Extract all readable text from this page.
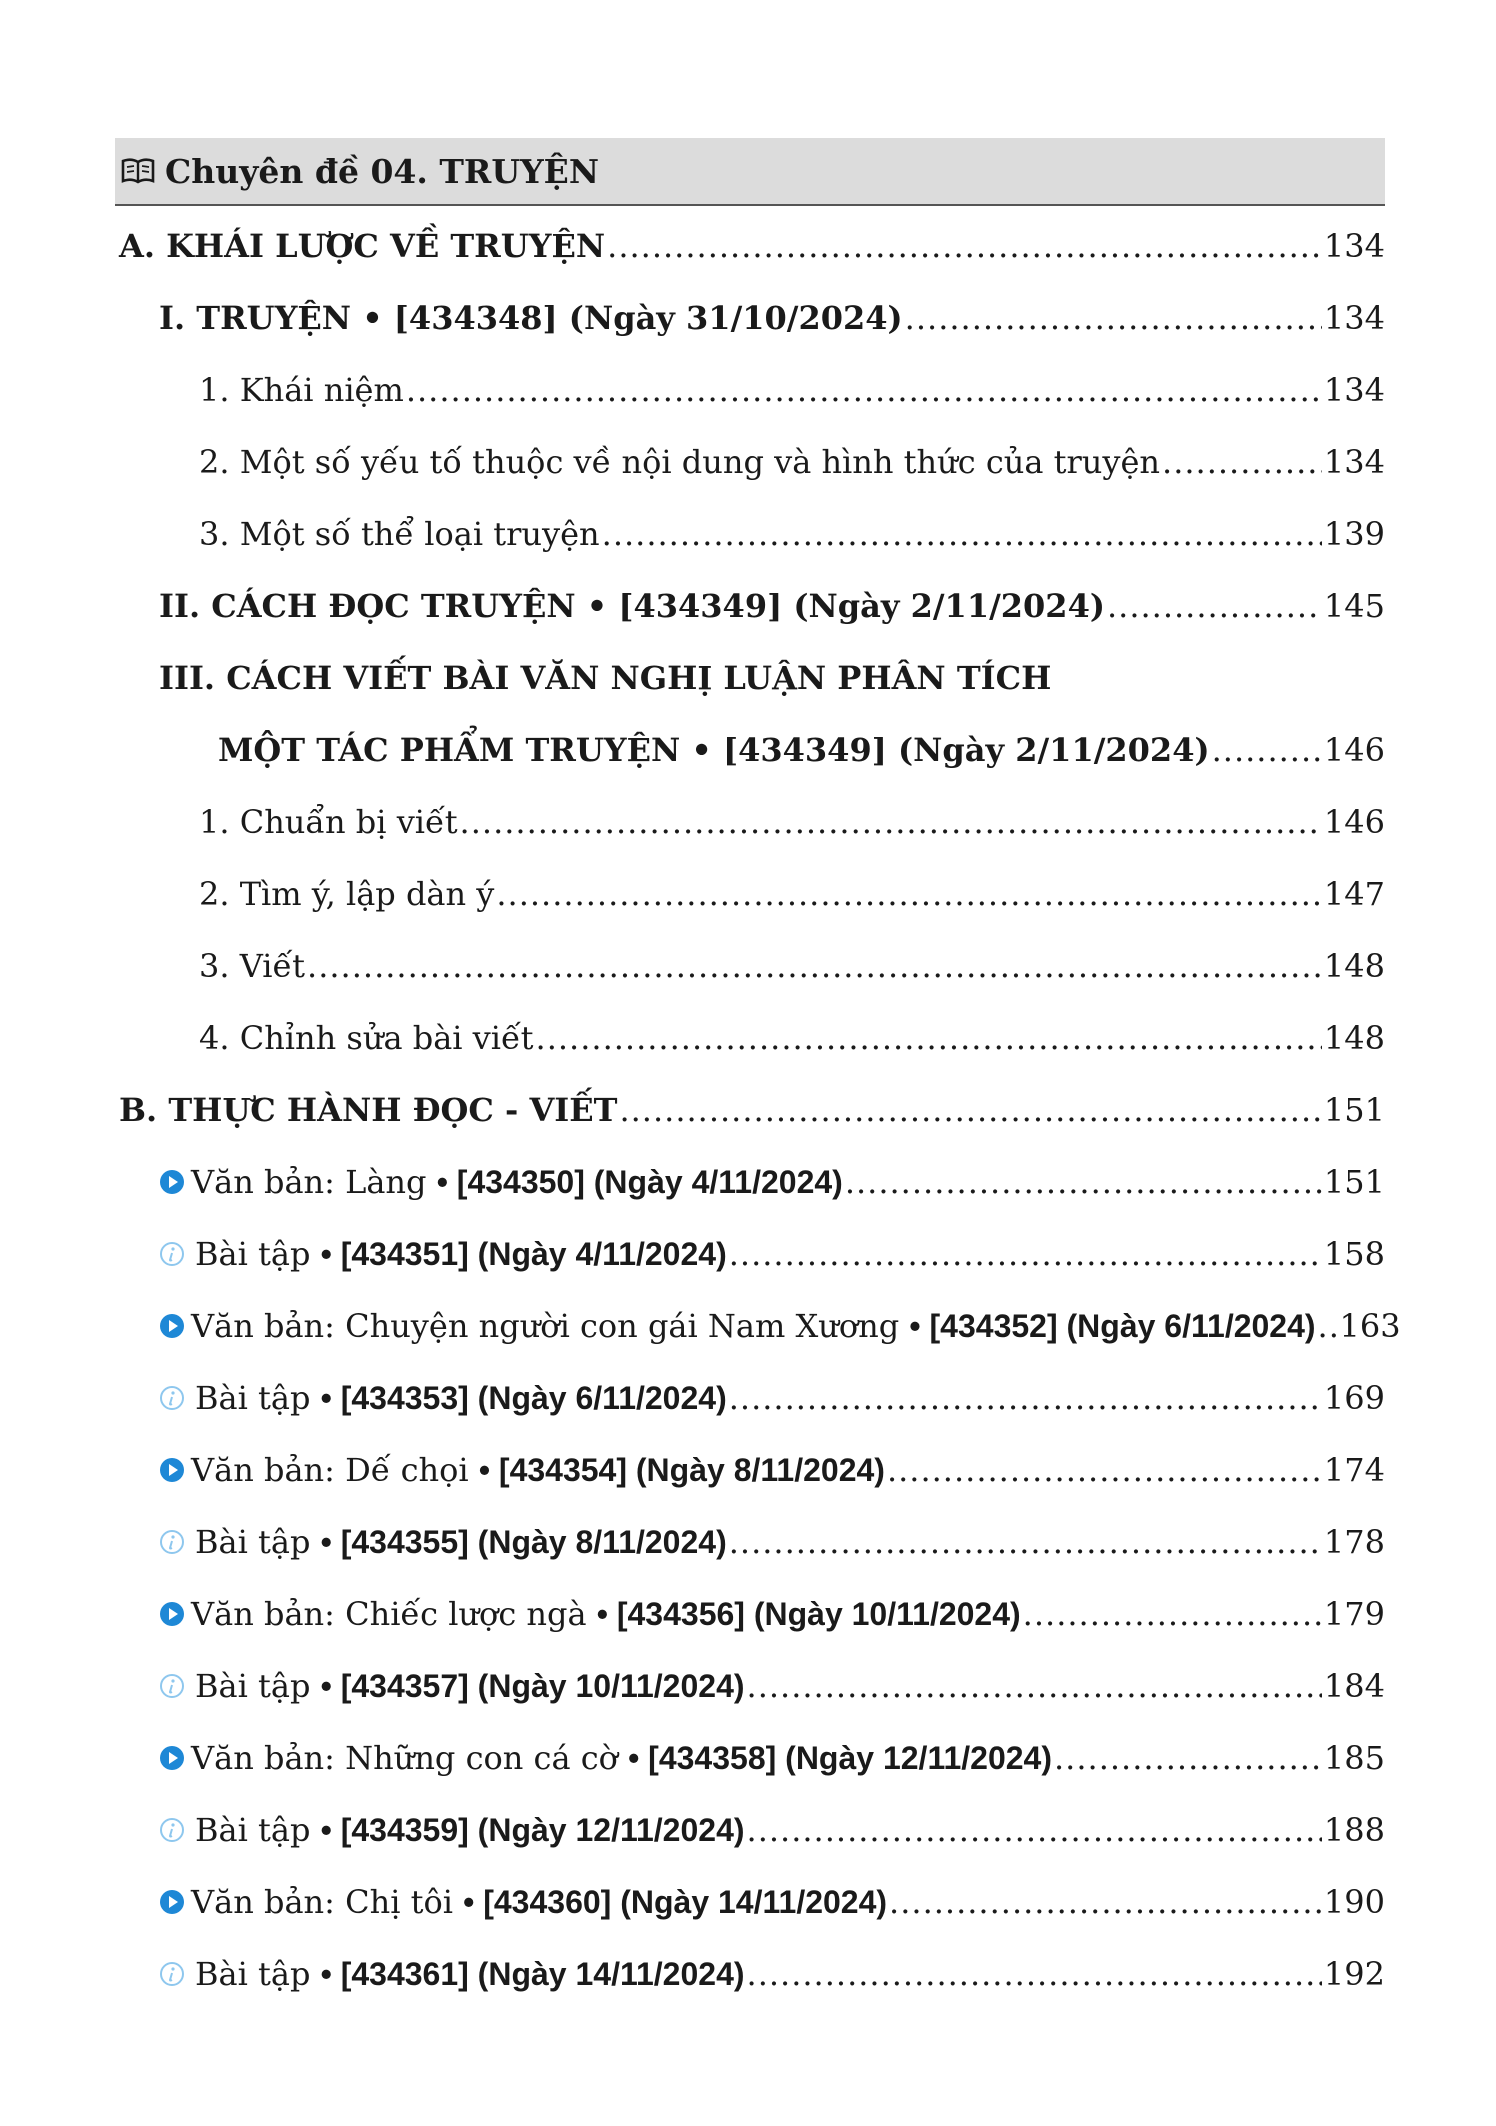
Chuyên đề 04. TRUYỆN
A. KHÁI LƯỢC VỀ TRUYỆN .....	134
I. TRUYỆN • [434348] (Ngày 31/10/2024) .....	134
1. Khái niệm .....	134
2. Một số yếu tố thuộc về nội dung và hình thức của truyện .....	134
3. Một số thể loại truyện .....	139
II. CÁCH ĐỌC TRUYỆN • [434349] (Ngày 2/11/2024) .....	145
III. CÁCH VIẾT BÀI VĂN NGHỊ LUẬN PHÂN TÍCH
MỘT TÁC PHẨM TRUYỆN • [434349] (Ngày 2/11/2024) .....	146
1. Chuẩn bị viết .....	146
2. Tìm ý, lập dàn ý .....	147
3. Viết .....	148
4. Chỉnh sửa bài viết .....	148
B. THỰC HÀNH ĐỌC - VIẾT .....	151
Văn bản: Làng • [434350] (Ngày 4/11/2024) .....	151
Bài tập • [434351] (Ngày 4/11/2024) .....	158
Văn bản: Chuyện người con gái Nam Xương • [434352] (Ngày 6/11/2024) ..... 163
Bài tập • [434353] (Ngày 6/11/2024) .....	169
Văn bản: Dế chọi • [434354] (Ngày 8/11/2024) .....	174
Bài tập • [434355] (Ngày 8/11/2024) .....	178
Văn bản: Chiếc lược ngà • [434356] (Ngày 10/11/2024) .....	179
Bài tập • [434357] (Ngày 10/11/2024) .....	184
Văn bản: Những con cá cờ • [434358] (Ngày 12/11/2024) .....	185
Bài tập • [434359] (Ngày 12/11/2024) .....	188
Văn bản: Chị tôi • [434360] (Ngày 14/11/2024) .....	190
Bài tập • [434361] (Ngày 14/11/2024) .....	192
